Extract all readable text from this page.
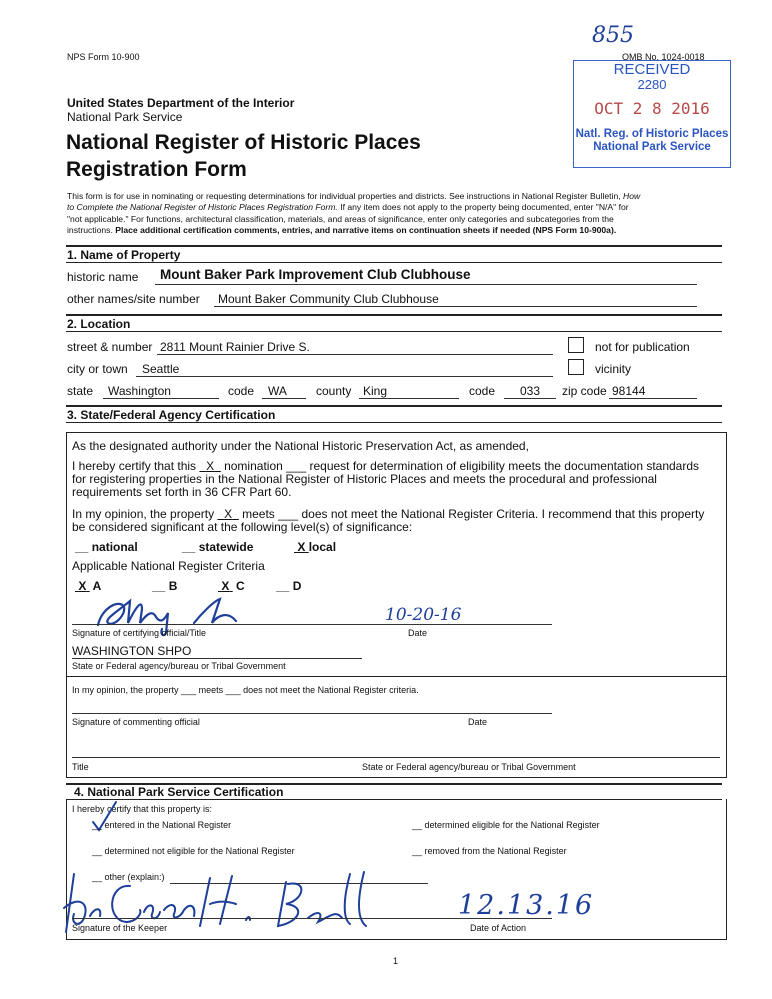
NPS Form 10-900
855
OMB No. 1024-0018
United States Department of the Interior
National Park Service
National Register of Historic Places
Registration Form
RECEIVED
2280
OCT 2 8 2016
Natl. Reg. of Historic Places
National Park Service
This form is for use in nominating or requesting determinations for individual properties and districts. See instructions in National Register Bulletin, How
to Complete the National Register of Historic Places Registration Form. If any item does not apply to the property being documented, enter "N/A" for
"not applicable." For functions, architectural classification, materials, and areas of significance, enter only categories and subcategories from the
instructions. Place additional certification comments, entries, and narrative items on continuation sheets if needed (NPS Form 10-900a).
1. Name of Property
historic name Mount Baker Park Improvement Club Clubhouse
other names/site number Mount Baker Community Club Clubhouse
2. Location
street & number 2811 Mount Rainier Drive S.	not for publication
city or town Seattle	vicinity
state Washington	code WA county King	code 033 zip code 98144
3. State/Federal Agency Certification
As the designated authority under the National Historic Preservation Act, as amended,
I hereby certify that this   X   nomination ___ request for determination of eligibility meets the documentation standards
for registering properties in the National Register of Historic Places and meets the procedural and professional
requirements set forth in 36 CFR Part 60.
In my opinion, the property   X   meets ___ does not meet the National Register Criteria. I recommend that this property
be considered significant at the following level(s) of significance:
__ national	__ statewide	X local
Applicable National Register Criteria
X A	__ B	X C	__ D
10-20-16
Signature of certifying official/Title	Date
WASHINGTON SHPO
State or Federal agency/bureau or Tribal Government
In my opinion, the property ___ meets ___ does not meet the National Register criteria.
Signature of commenting official	Date
Title	State or Federal agency/bureau or Tribal Government
4. National Park Service Certification
I hereby certify that this property is:
__ entered in the National Register	__ determined eligible for the National Register
__ determined not eligible for the National Register	__ removed from the National Register
__ other (explain:)
12.13.16
Signature of the Keeper	Date of Action
1
